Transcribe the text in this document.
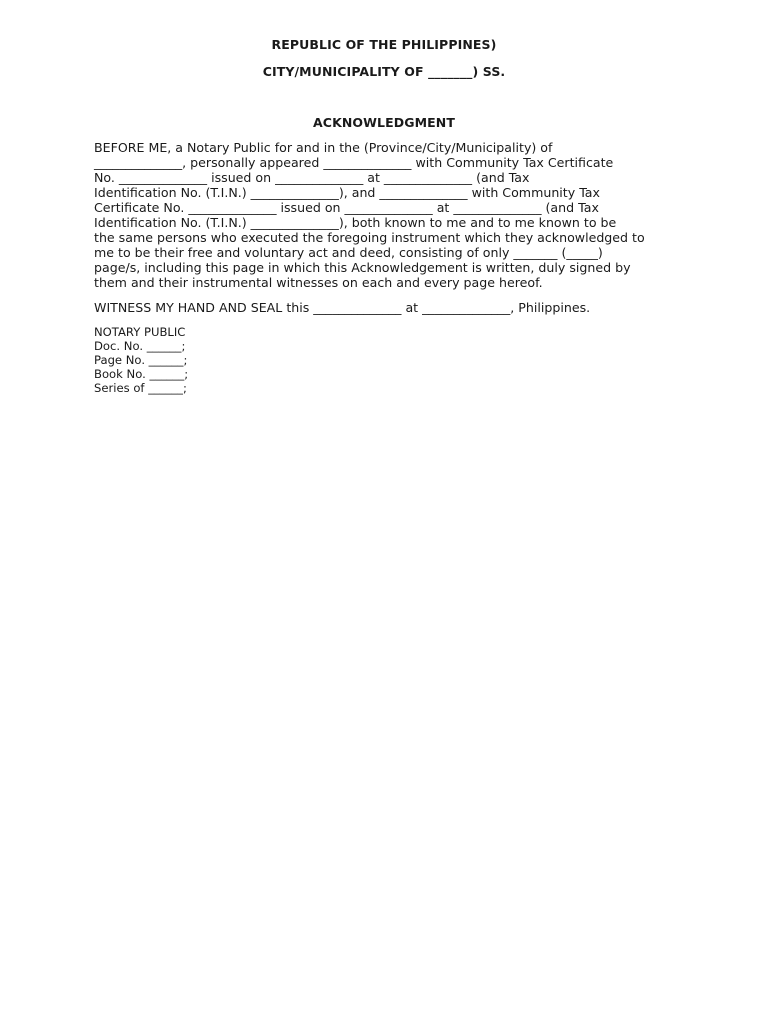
REPUBLIC OF THE PHILIPPINES)
CITY/MUNICIPALITY OF _______) SS.
ACKNOWLEDGMENT
BEFORE ME, a Notary Public for and in the (Province/City/Municipality) of
______________, personally appeared ______________ with Community Tax Certificate
No. ______________ issued on ______________ at ______________ (and Tax
Identification No. (T.I.N.) ______________), and ______________ with Community Tax
Certificate No. ______________ issued on ______________ at ______________ (and Tax
Identification No. (T.I.N.) ______________), both known to me and to me known to be
the same persons who executed the foregoing instrument which they acknowledged to
me to be their free and voluntary act and deed, consisting of only _______ (_____)
page/s, including this page in which this Acknowledgement is written, duly signed by
them and their instrumental witnesses on each and every page hereof.
WITNESS MY HAND AND SEAL this ______________ at ______________, Philippines.
NOTARY PUBLIC
Doc. No. ______;
Page No. ______;
Book No. ______;
Series of ______;
